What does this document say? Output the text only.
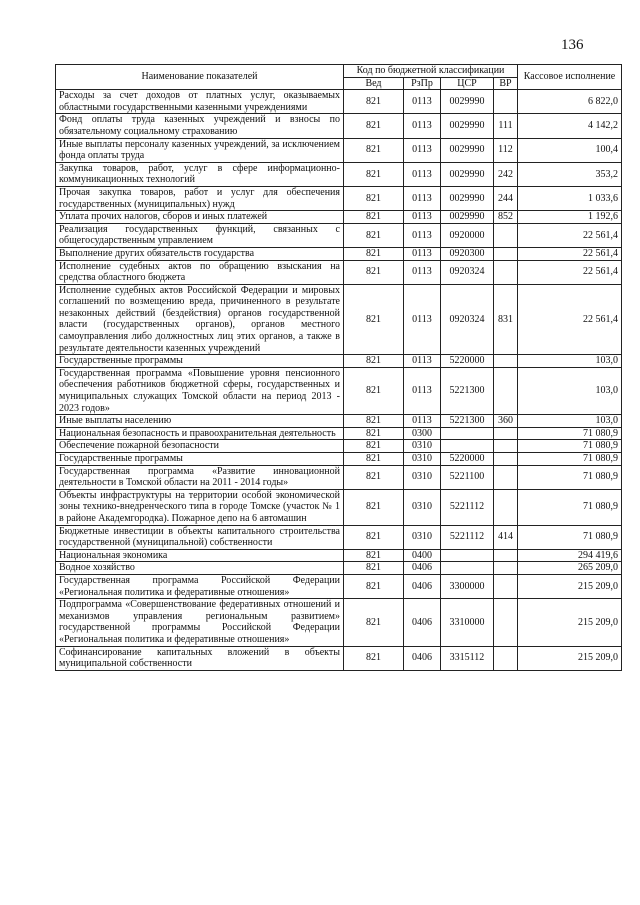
136
Наименование показателей	Код по бюджетной классификации				Кассовое исполнение
	Вед	РзПр	ЦСР	ВР	
Расходы за счет доходов от платных услуг, оказываемых областными государственными казенными учреждениями	821	0113	0029990		6 822,0
Фонд оплаты труда казенных учреждений и взносы по обязательному социальному страхованию	821	0113	0029990	111	4 142,2
Иные выплаты персоналу казенных учреждений, за исключением фонда оплаты труда	821	0113	0029990	112	100,4
Закупка товаров, работ, услуг в сфере информационно-коммуникационных технологий	821	0113	0029990	242	353,2
Прочая закупка товаров, работ и услуг для обеспечения государственных (муниципальных) нужд	821	0113	0029990	244	1 033,6
Уплата прочих налогов, сборов и иных платежей	821	0113	0029990	852	1 192,6
Реализация государственных функций, связанных с общегосударственным управлением	821	0113	0920000		22 561,4
Выполнение других обязательств государства	821	0113	0920300		22 561,4
Исполнение судебных актов по обращению взыскания на средства областного бюджета	821	0113	0920324		22 561,4
Исполнение судебных актов Российской Федерации и мировых соглашений по возмещению вреда, причиненного в результате незаконных действий (бездействия) органов государственной власти (государственных органов), органов местного самоуправления либо должностных лиц этих органов, а также в результате деятельности казенных учреждений	821	0113	0920324	831	22 561,4
Государственные программы	821	0113	5220000		103,0
Государственная программа «Повышение уровня пенсионного обеспечения работников бюджетной сферы, государственных и муниципальных служащих Томской области на период 2013 - 2023 годов»	821	0113	5221300		103,0
Иные выплаты населению	821	0113	5221300	360	103,0
Национальная безопасность и правоохранительная деятельность	821	0300			71 080,9
Обеспечение пожарной безопасности	821	0310			71 080,9
Государственные программы	821	0310	5220000		71 080,9
Государственная программа «Развитие инновационной деятельности в Томской области на 2011 - 2014 годы»	821	0310	5221100		71 080,9
Объекты инфраструктуры на территории особой экономической зоны технико-внедренческого типа в городе Томске (участок № 1 в районе Академгородка). Пожарное депо на 6 автомашин	821	0310	5221112		71 080,9
Бюджетные инвестиции в объекты капитального строительства государственной (муниципальной) собственности	821	0310	5221112	414	71 080,9
Национальная экономика	821	0400			294 419,6
Водное хозяйство	821	0406			265 209,0
Государственная программа Российской Федерации «Региональная политика и федеративные отношения»	821	0406	3300000		215 209,0
Подпрограмма «Совершенствование федеративных отношений и механизмов управления региональным развитием» государственной программы Российской Федерации «Региональная политика и федеративные отношения»	821	0406	3310000		215 209,0
Софинансирование капитальных вложений в объекты муниципальной собственности	821	0406	3315112		215 209,0
